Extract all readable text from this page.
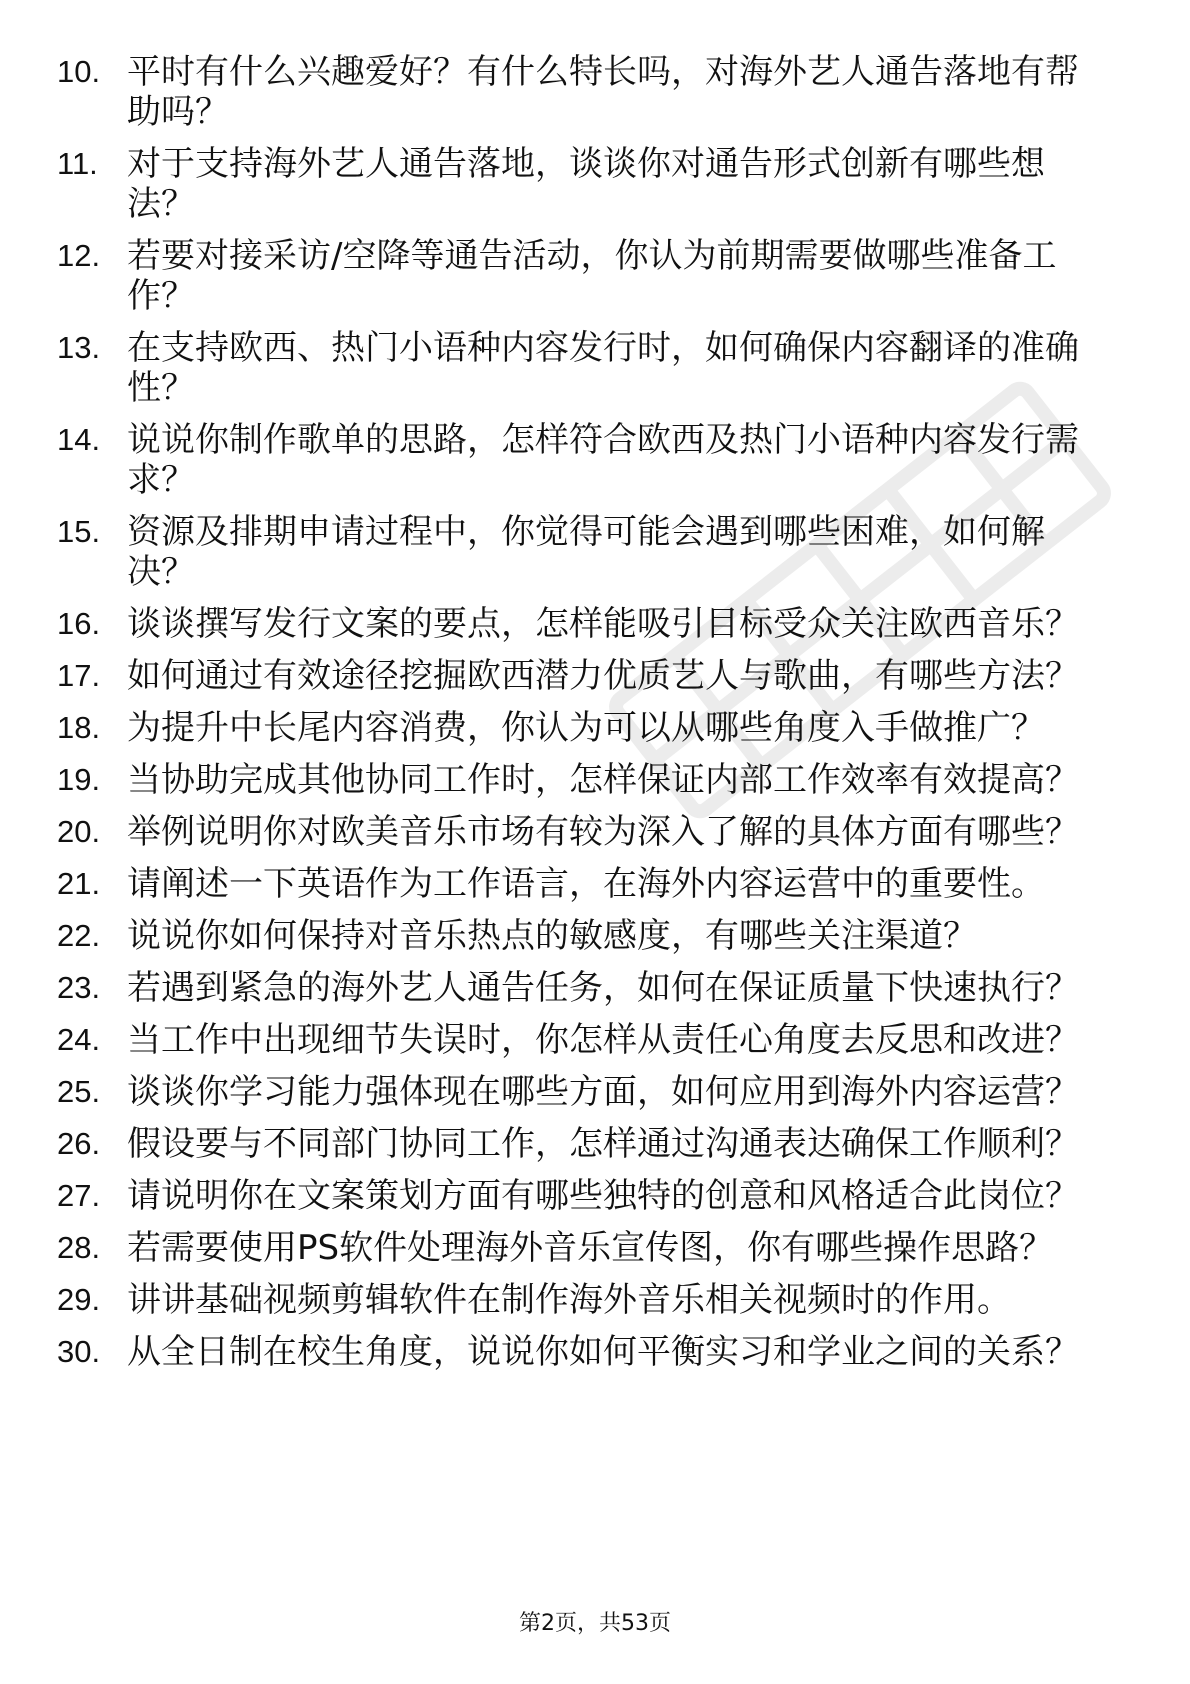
10. 平时有什么兴趣爱好？有什么特长吗，对海外艺人通告落地有帮助吗？
11. 对于支持海外艺人通告落地，谈谈你对通告形式创新有哪些想法？
12. 若要对接采访/空降等通告活动，你认为前期需要做哪些准备工作？
13. 在支持欧西、热门小语种内容发行时，如何确保内容翻译的准确性？
14. 说说你制作歌单的思路，怎样符合欧西及热门小语种内容发行需求？
15. 资源及排期申请过程中，你觉得可能会遇到哪些困难，如何解决？
16. 谈谈撰写发行文案的要点，怎样能吸引目标受众关注欧西音乐？
17. 如何通过有效途径挖掘欧西潜力优质艺人与歌曲，有哪些方法？
18. 为提升中长尾内容消费，你认为可以从哪些角度入手做推广？
19. 当协助完成其他协同工作时，怎样保证内部工作效率有效提高？
20. 举例说明你对欧美音乐市场有较为深入了解的具体方面有哪些？
21. 请阐述一下英语作为工作语言，在海外内容运营中的重要性。
22. 说说你如何保持对音乐热点的敏感度，有哪些关注渠道？
23. 若遇到紧急的海外艺人通告任务，如何在保证质量下快速执行？
24. 当工作中出现细节失误时，你怎样从责任心角度去反思和改进？
25. 谈谈你学习能力强体现在哪些方面，如何应用到海外内容运营？
26. 假设要与不同部门协同工作，怎样通过沟通表达确保工作顺利？
27. 请说明你在文案策划方面有哪些独特的创意和风格适合此岗位？
28. 若需要使用PS软件处理海外音乐宣传图，你有哪些操作思路？
29. 讲讲基础视频剪辑软件在制作海外音乐相关视频时的作用。
30. 从全日制在校生角度，说说你如何平衡实习和学业之间的关系？
第2页，共53页
